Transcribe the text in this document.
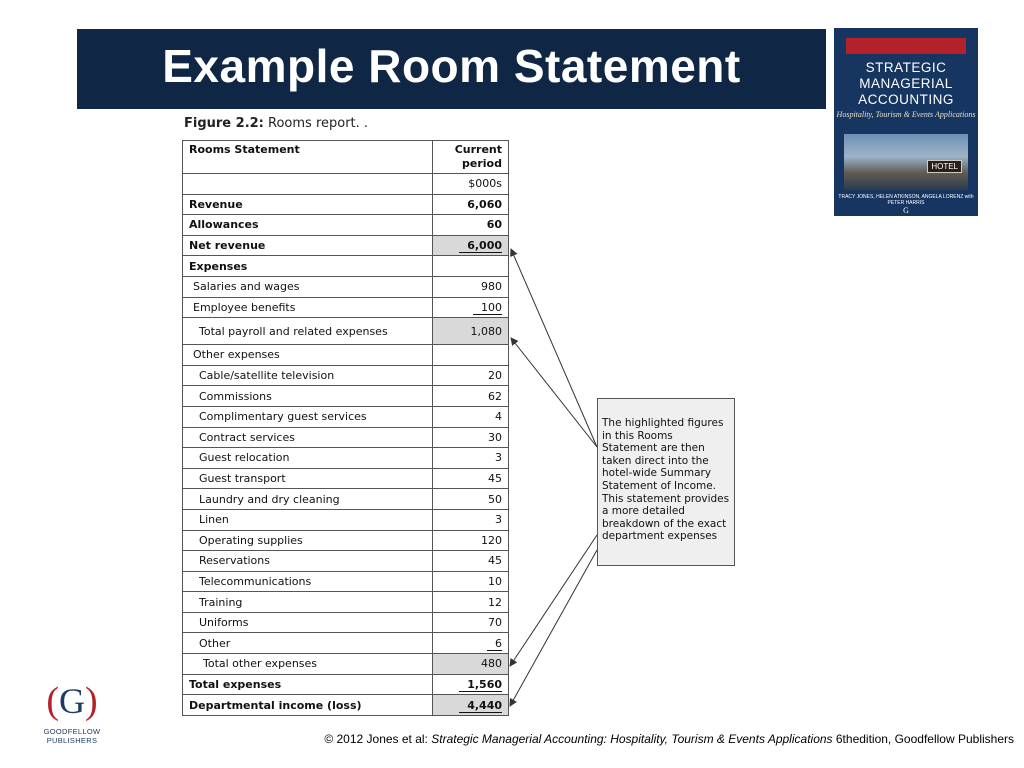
Example Room Statement
Figure 2.2: Rooms report. .
Rooms Statement	Current period
	$000s
Revenue	6,060
Allowances	60
Net revenue	6,000
Expenses	
Salaries and wages	980
Employee benefits	100
Total payroll and related expenses	1,080
Other expenses	
Cable/satellite television	20
Commissions	62
Complimentary guest services	4
Contract services	30
Guest relocation	3
Guest transport	45
Laundry and dry cleaning	50
Linen	3
Operating supplies	120
Reservations	45
Telecommunications	10
Training	12
Uniforms	70
Other	6
Total other expenses	480
Total expenses	1,560
Departmental income (loss)	4,440
The highlighted figures in this Rooms Statement are then taken direct into the hotel-wide Summary Statement of Income. This statement provides a more detailed breakdown of the exact department expenses
STRATEGIC
MANAGERIAL
ACCOUNTING
Hospitality, Tourism & Events Applications
HOTEL
TRACY JONES, HELEN ATKINSON, ANGELA LORENZ with PETER HARRIS
G
(G)
GOODFELLOW
PUBLISHERS	© 2012 Jones et al: Strategic Managerial Accounting: Hospitality, Tourism & Events Applications 6thedition, Goodfellow Publishers
